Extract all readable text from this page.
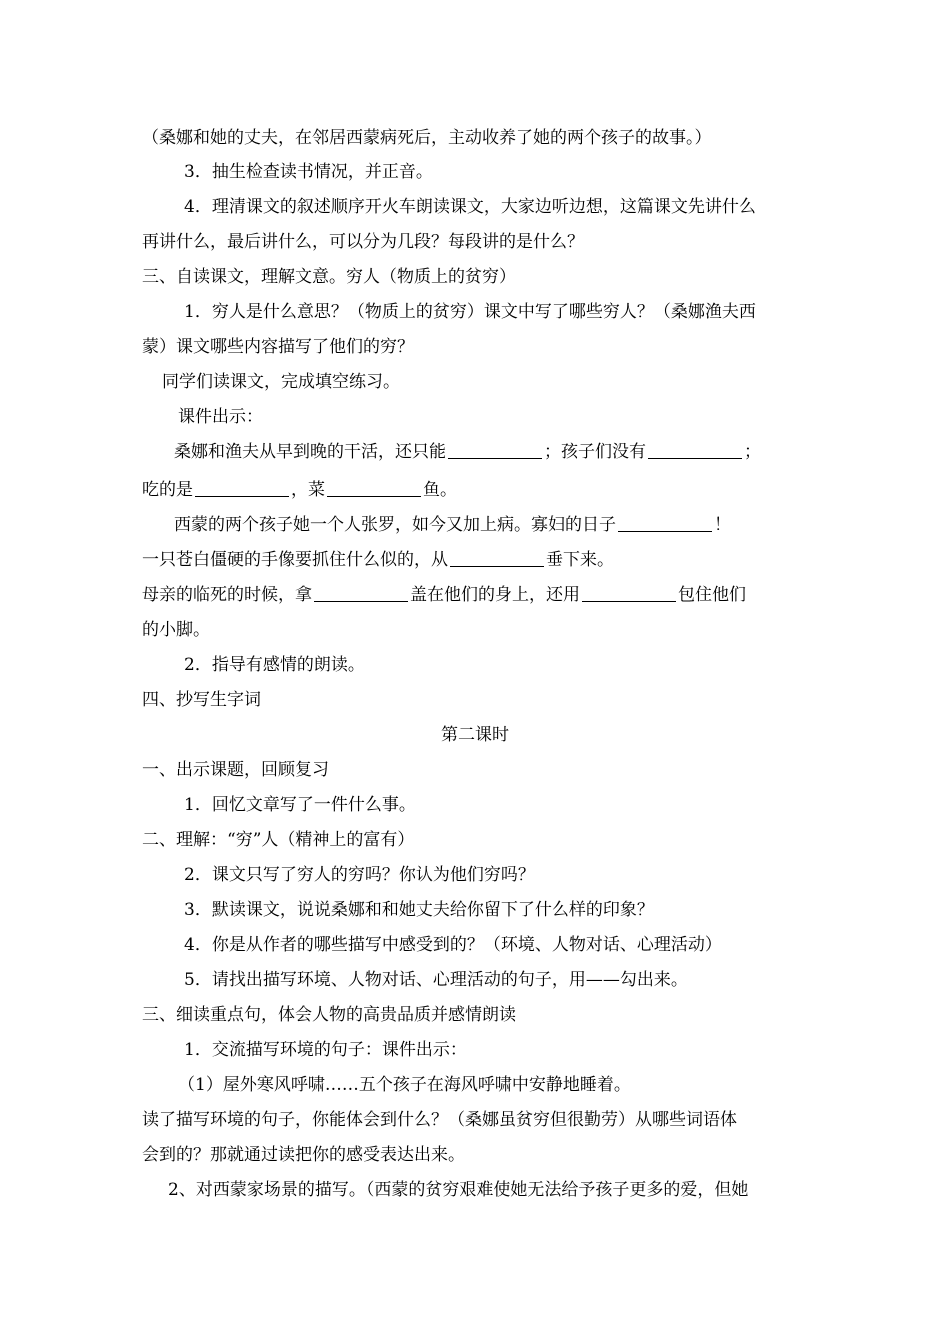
（桑娜和她的丈夫，在邻居西蒙病死后，主动收养了她的两个孩子的故事。）
3．抽生检查读书情况，并正音。
4．理清课文的叙述顺序开火车朗读课文，大家边听边想，这篇课文先讲什么
再讲什么，最后讲什么，可以分为几段？每段讲的是什么？
三、自读课文，理解文意。穷人（物质上的贫穷）
1．穷人是什么意思？（物质上的贫穷）课文中写了哪些穷人？（桑娜渔夫西
蒙）课文哪些内容描写了他们的穷？
同学们读课文，完成填空练习。
课件出示：
桑娜和渔夫从早到晚的干活，还只能	；孩子们没有	；
吃的是	，菜	鱼。
西蒙的两个孩子她一个人张罗，如今又加上病。寡妇的日子	！
一只苍白僵硬的手像要抓住什么似的，从	垂下来。
母亲的临死的时候，拿	盖在他们的身上，还用	包住他们
的小脚。
2．指导有感情的朗读。
四、抄写生字词
第二课时
一、出示课题，回顾复习
1．回忆文章写了一件什么事。
二、理解：“穷”人（精神上的富有）
2．课文只写了穷人的穷吗？你认为他们穷吗？
3．默读课文，说说桑娜和和她丈夫给你留下了什么样的印象？
4．你是从作者的哪些描写中感受到的？（环境、人物对话、心理活动）
5．请找出描写环境、人物对话、心理活动的句子，用——勾出来。
三、细读重点句，体会人物的高贵品质并感情朗读
1．交流描写环境的句子：课件出示：
（1）屋外寒风呼啸……五个孩子在海风呼啸中安静地睡着。
读了描写环境的句子，你能体会到什么？（桑娜虽贫穷但很勤劳）从哪些词语体
会到的？那就通过读把你的感受表达出来。
2、对西蒙家场景的描写。（西蒙的贫穷艰难使她无法给予孩子更多的爱，但她
